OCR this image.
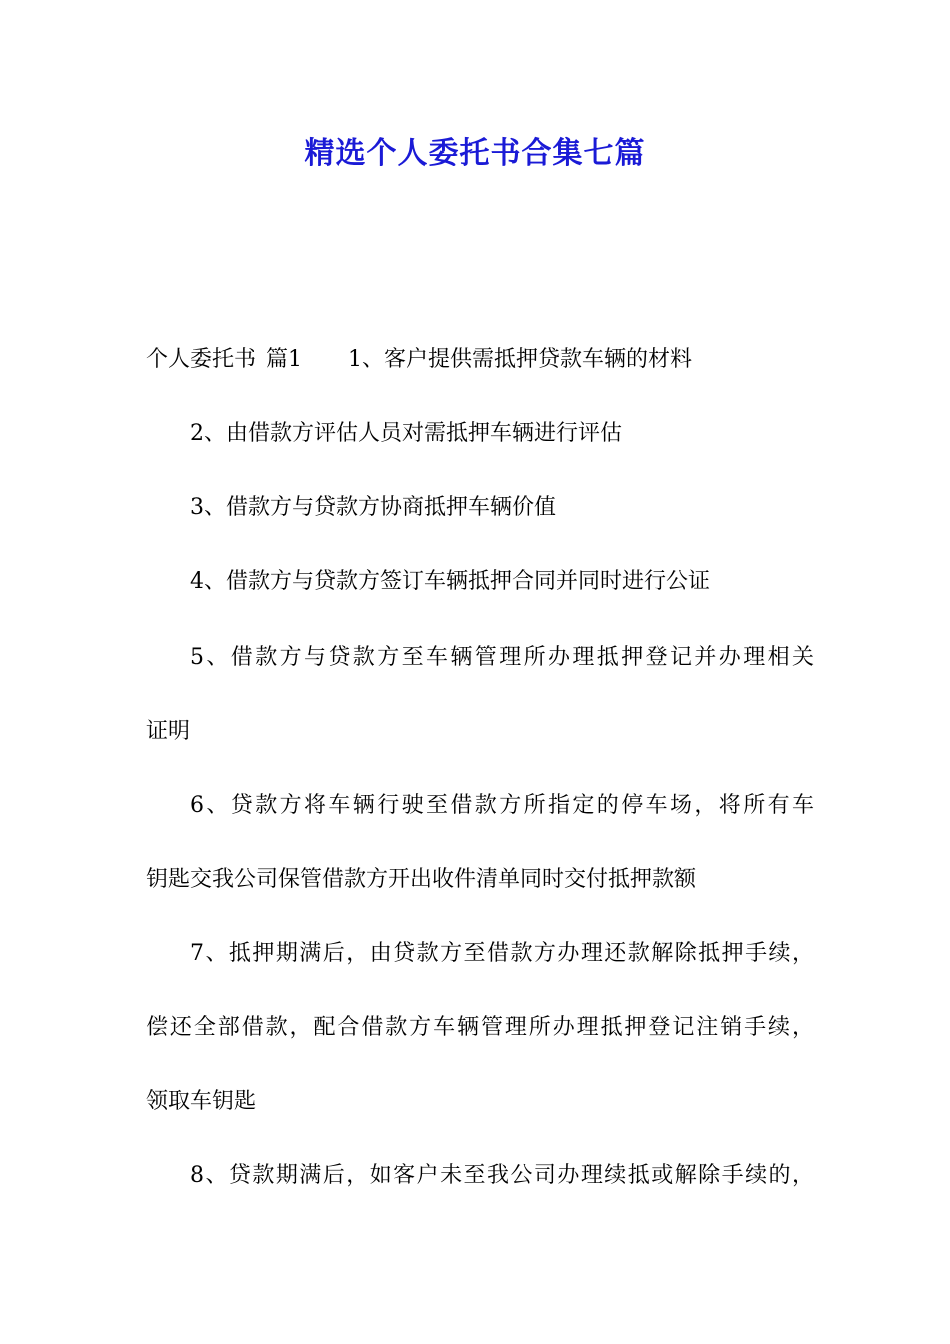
精选个人委托书合集七篇
个人委托书 篇1 1、客户提供需抵押贷款车辆的材料
2、由借款方评估人员对需抵押车辆进行评估
3、借款方与贷款方协商抵押车辆价值
4、借款方与贷款方签订车辆抵押合同并同时进行公证
5、借款方与贷款方至车辆管理所办理抵押登记并办理相关
证明
6、贷款方将车辆行驶至借款方所指定的停车场，将所有车
钥匙交我公司保管借款方开出收件清单同时交付抵押款额
7、抵押期满后，由贷款方至借款方办理还款解除抵押手续，
偿还全部借款，配合借款方车辆管理所办理抵押登记注销手续，
领取车钥匙
8、贷款期满后，如客户未至我公司办理续抵或解除手续的，
